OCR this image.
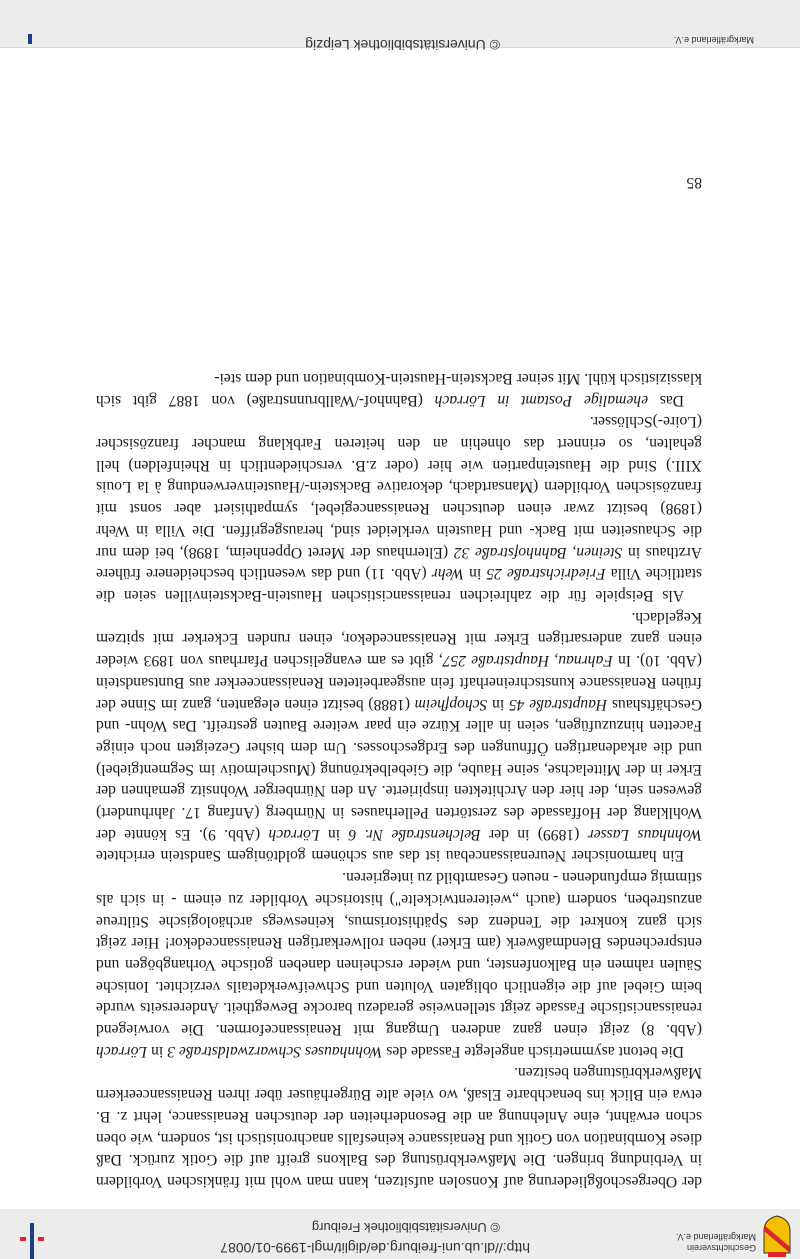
Geschichtsverein
Markgräflerland e.V.
http://dl.ub.uni-freiburg.de/diglit/mgl-1999-01/0087
© Universitätsbibliothek Freiburg

der Obergeschoßgliederung auf Konsolen aufsitzen, kann man wohl mit fränkischen Vorbildern in Verbindung bringen. Die Maßwerkbrüstung des Balkons greift auf die Gotik zurück. Daß diese Kombination von Gotik und Renaissance keinesfalls anachronistisch ist, sondern, wie oben schon erwähnt, eine Anlehnung an die Besonderheiten der deutschen Renaissance, lehrt z. B. etwa ein Blick ins benachbarte Elsaß, wo viele alte Bürgerhäuser über ihren Renaissanceerkern Maßwerkbrüstungen besitzen.

Die betont asymmetrisch angelegte Fassade des Wohnhauses Schwarzwaldstraße 3 in Lörrach (Abb. 8) zeigt einen ganz anderen Umgang mit Renaissanceformen. Die vorwiegend renaissancistische Fassade zeigt stellenweise geradezu barocke Bewegtheit. Andererseits wurde beim Giebel auf die eigentlich obligaten Voluten und Schweifwerkdetails verzichtet. Ionische Säulen rahmen ein Balkonfenster, und wieder erscheinen daneben gotische Vorhangbögen und entsprechendes Blendmaßwerk (am Erker) neben rollwerkartigen Renaissancedekor! Hier zeigt sich ganz konkret die Tendenz des Späthistorismus, keineswegs archäologische Stiltreue anzustreben, sondern (auch „weiterentwickelte") historische Vorbilder zu einem - in sich als stimmig empfundenen - neuen Gesamtbild zu integrieren.

Ein harmonischer Neurenaissancebau ist das aus schönem goldtönigem Sandstein errichtete Wohnhaus Lasser (1899) in der Belchenstraße Nr. 6 in Lörrach (Abb. 9). Es könnte der Wohlklang der Hoffassade des zerstörten Pellerhauses in Nürnberg (Anfang 17. Jahrhundert) gewesen sein, der hier den Architekten inspirierte. An den Nürnberger Wohnsitz gemahnen der Erker in der Mittelachse, seine Haube, die Giebelbekrönung (Muschelmotiv im Segmentgiebel) und die arkadenartigen Öffnungen des Erdgeschosses. Um dem bisher Gezeigten noch einige Facetten hinzuzufügen, seien in aller Kürze ein paar weitere Bauten gestreift. Das Wohn- und Geschäftshaus Hauptstraße 45 in Schopfheim (1888) besitzt einen eleganten, ganz im Sinne der frühen Renaissance kunstschreinerhaft fein ausgearbeiteten Renaissanceerker aus Buntsandstein (Abb. 10). In Fahrnau, Hauptstraße 257, gibt es am evangelischen Pfarrhaus von 1893 wieder einen ganz andersartigen Erker mit Renaissancedekor, einen runden Eckerker mit spitzem Kegeldach.

Als Beispiele für die zahlreichen renaissancistischen Haustein-Backsteinvillen seien die stattliche Villa Friedrichstraße 25 in Wehr (Abb. 11) und das wesentlich bescheidenere frühere Arzthaus in Steinen, Bahnhofstraße 32 (Elternhaus der Meret Oppenheim, 1898), bei dem nur die Schauseiten mit Back- und Haustein verkleidet sind, herausgegriffen. Die Villa in Wehr (1898) besitzt zwar einen deutschen Renaissancegiebel, sympathisiert aber sonst mit französischen Vorbildern (Mansartdach, dekorative Backstein-/Hausteinverwendung à la Louis XIII.) Sind die Hausteinpartien wie hier (oder z.B. verschiedentlich in Rheinfelden) hell gehalten, so erinnert das ohnehin an den heiteren Farbklang mancher französischer (Loire-)Schlösser.

Das ehemalige Postamt in Lörrach (Bahnhof-/Wallbrunnstraße) von 1887 gibt sich klassizistisch kühl. Mit seiner Backstein-Haustein-Kombination und dem stei-

85
Markgräflerland e.V.
© Universitätsbibliothek Leipzig
